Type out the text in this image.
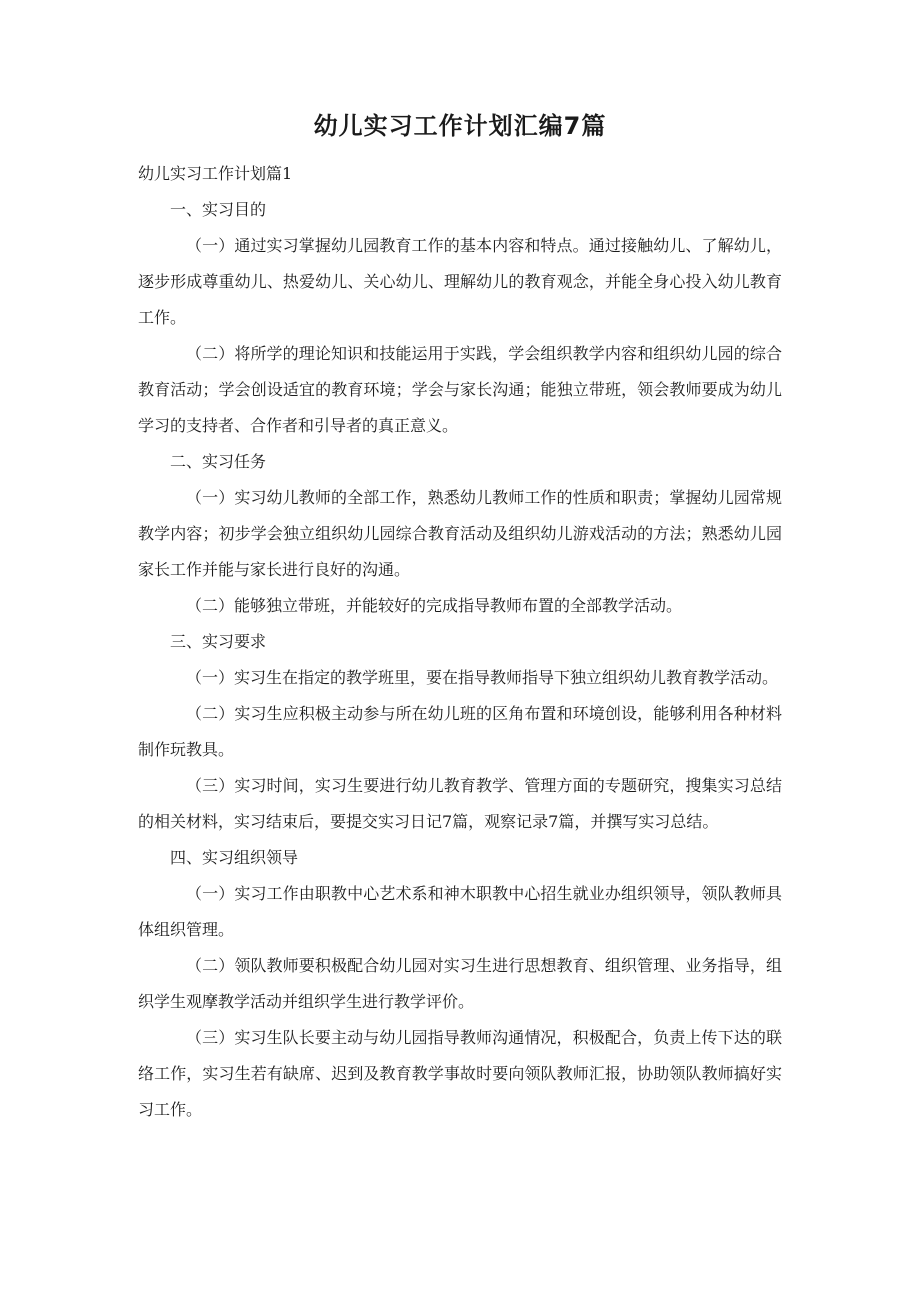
幼儿实习工作计划汇编7篇

幼儿实习工作计划篇1

一、实习目的

（一）通过实习掌握幼儿园教育工作的基本内容和特点。通过接触幼儿、了解幼儿，逐步形成尊重幼儿、热爱幼儿、关心幼儿、理解幼儿的教育观念，并能全身心投入幼儿教育工作。

（二）将所学的理论知识和技能运用于实践，学会组织教学内容和组织幼儿园的综合教育活动；学会创设适宜的教育环境；学会与家长沟通；能独立带班，领会教师要成为幼儿学习的支持者、合作者和引导者的真正意义。

二、实习任务

（一）实习幼儿教师的全部工作，熟悉幼儿教师工作的性质和职责；掌握幼儿园常规教学内容；初步学会独立组织幼儿园综合教育活动及组织幼儿游戏活动的方法；熟悉幼儿园家长工作并能与家长进行良好的沟通。

（二）能够独立带班，并能较好的完成指导教师布置的全部教学活动。

三、实习要求

（一）实习生在指定的教学班里，要在指导教师指导下独立组织幼儿教育教学活动。

（二）实习生应积极主动参与所在幼儿班的区角布置和环境创设，能够利用各种材料制作玩教具。

（三）实习时间，实习生要进行幼儿教育教学、管理方面的专题研究，搜集实习总结的相关材料，实习结束后，要提交实习日记7篇，观察记录7篇，并撰写实习总结。

四、实习组织领导

（一）实习工作由职教中心艺术系和神木职教中心招生就业办组织领导，领队教师具体组织管理。

（二）领队教师要积极配合幼儿园对实习生进行思想教育、组织管理、业务指导，组织学生观摩教学活动并组织学生进行教学评价。

（三）实习生队长要主动与幼儿园指导教师沟通情况，积极配合，负责上传下达的联络工作，实习生若有缺席、迟到及教育教学事故时要向领队教师汇报，协助领队教师搞好实习工作。
